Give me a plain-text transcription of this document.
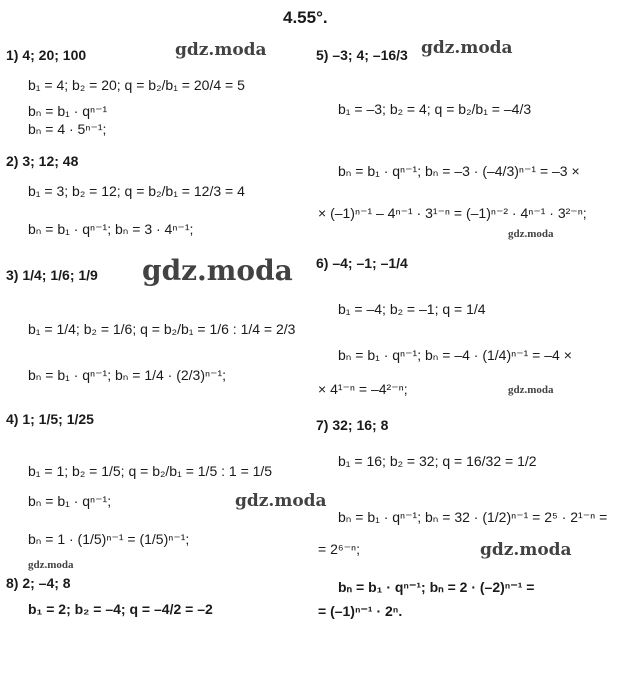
4.55°.
gdz.moda	gdz.moda
gdz.moda
gdz.moda
gdz.moda
gdz.moda
gdz.moda
gdz.moda
1) 4; 20; 100
b₁ = 4; b₂ = 20; q = b₂/b₁ = 20/4 = 5
bₙ = b₁ · qⁿ⁻¹
bₙ = 4 · 5ⁿ⁻¹;
2) 3; 12; 48
b₁ = 3; b₂ = 12; q = b₂/b₁ = 12/3 = 4
bₙ = b₁ · qⁿ⁻¹; bₙ = 3 · 4ⁿ⁻¹;
3) 1/4; 1/6; 1/9
b₁ = 1/4; b₂ = 1/6; q = b₂/b₁ = 1/6 : 1/4 = 2/3
bₙ = b₁ · qⁿ⁻¹; bₙ = 1/4 · (2/3)ⁿ⁻¹;
4) 1; 1/5; 1/25
b₁ = 1; b₂ = 1/5; q = b₂/b₁ = 1/5 : 1 = 1/5
bₙ = b₁ · qⁿ⁻¹;
bₙ = 1 · (1/5)ⁿ⁻¹ = (1/5)ⁿ⁻¹;
8) 2; –4; 8
b₁ = 2; b₂ = –4; q = –4/2 = –2
5) –3; 4; –16/3
b₁ = –3; b₂ = 4; q = b₂/b₁ = –4/3
bₙ = b₁ · qⁿ⁻¹; bₙ = –3 · (–4/3)ⁿ⁻¹ = –3 ×
× (–1)ⁿ⁻¹ – 4ⁿ⁻¹ · 3¹⁻ⁿ = (–1)ⁿ⁻² · 4ⁿ⁻¹ · 3²⁻ⁿ;
6) –4; –1; –1/4
b₁ = –4; b₂ = –1; q = 1/4
bₙ = b₁ · qⁿ⁻¹; bₙ = –4 · (1/4)ⁿ⁻¹ = –4 ×
× 4¹⁻ⁿ = –4²⁻ⁿ;
7) 32; 16; 8
b₁ = 16; b₂ = 32; q = 16/32 = 1/2
bₙ = b₁ · qⁿ⁻¹; bₙ = 32 · (1/2)ⁿ⁻¹ = 2⁵ · 2¹⁻ⁿ =
= 2⁶⁻ⁿ;
bₙ = b₁ · qⁿ⁻¹; bₙ = 2 · (–2)ⁿ⁻¹ =
= (–1)ⁿ⁻¹ · 2ⁿ.
